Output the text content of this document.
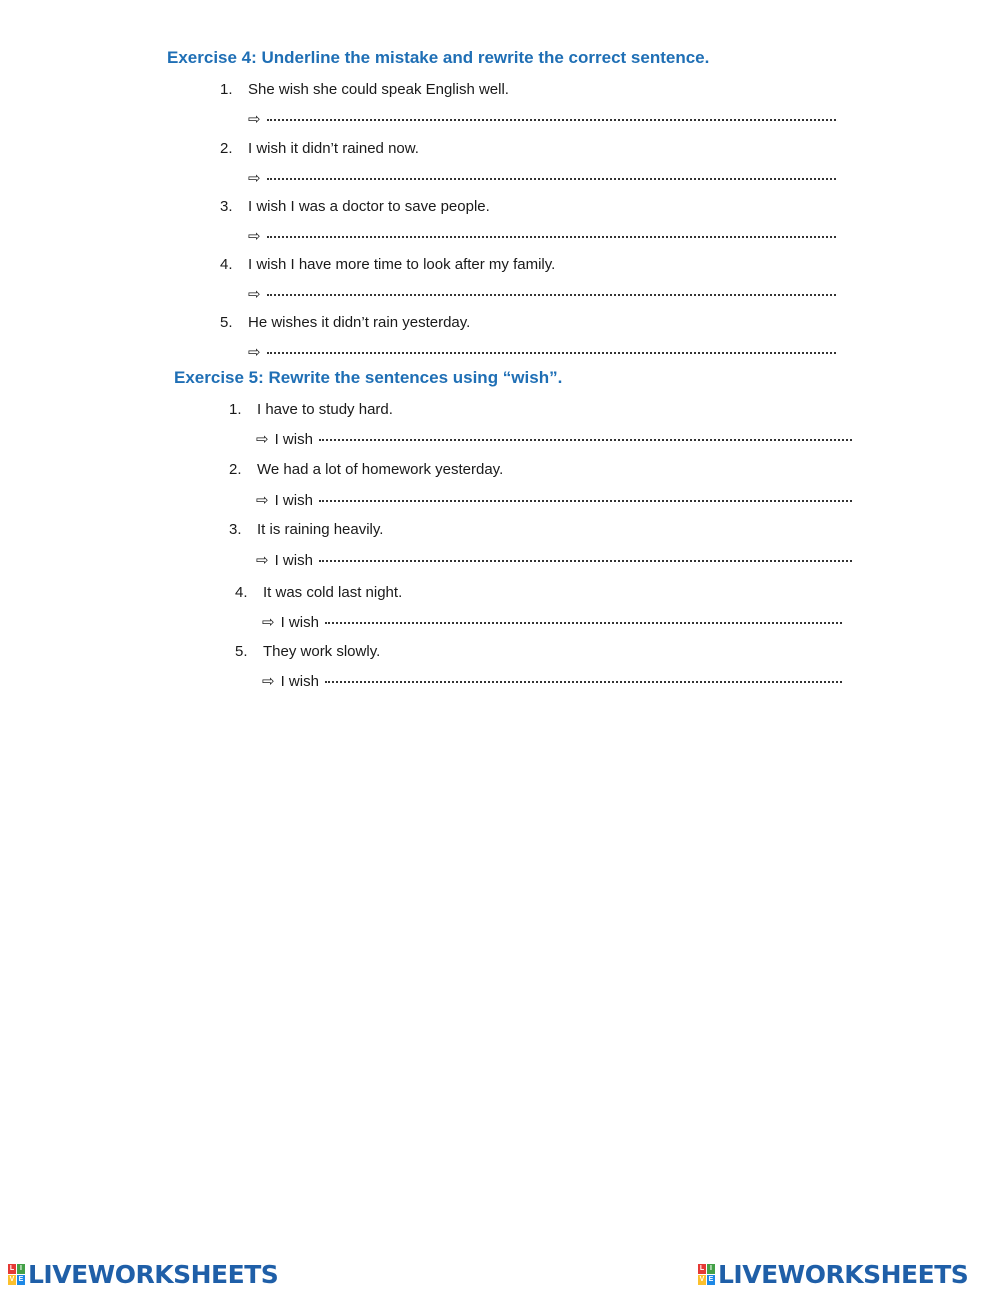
Exercise 4: Underline the mistake and rewrite the correct sentence.
1. She wish she could speak English well.
⇨
2. I wish it didn’t rained now.
⇨
3. I wish I was a doctor to save people.
⇨
4. I wish I have more time to look after my family.
⇨
5. He wishes it didn’t rain yesterday.
⇨
Exercise 5: Rewrite the sentences using “wish”.
1. I have to study hard.
⇨ I wish
2. We had a lot of homework yesterday.
⇨ I wish
3. It is raining heavily.
⇨ I wish
4. It was cold last night.
⇨ I wish
5. They work slowly.
⇨ I wish
L I
V E LIVEWORKSHEETS	L I
V E LIVEWORKSHEETS
